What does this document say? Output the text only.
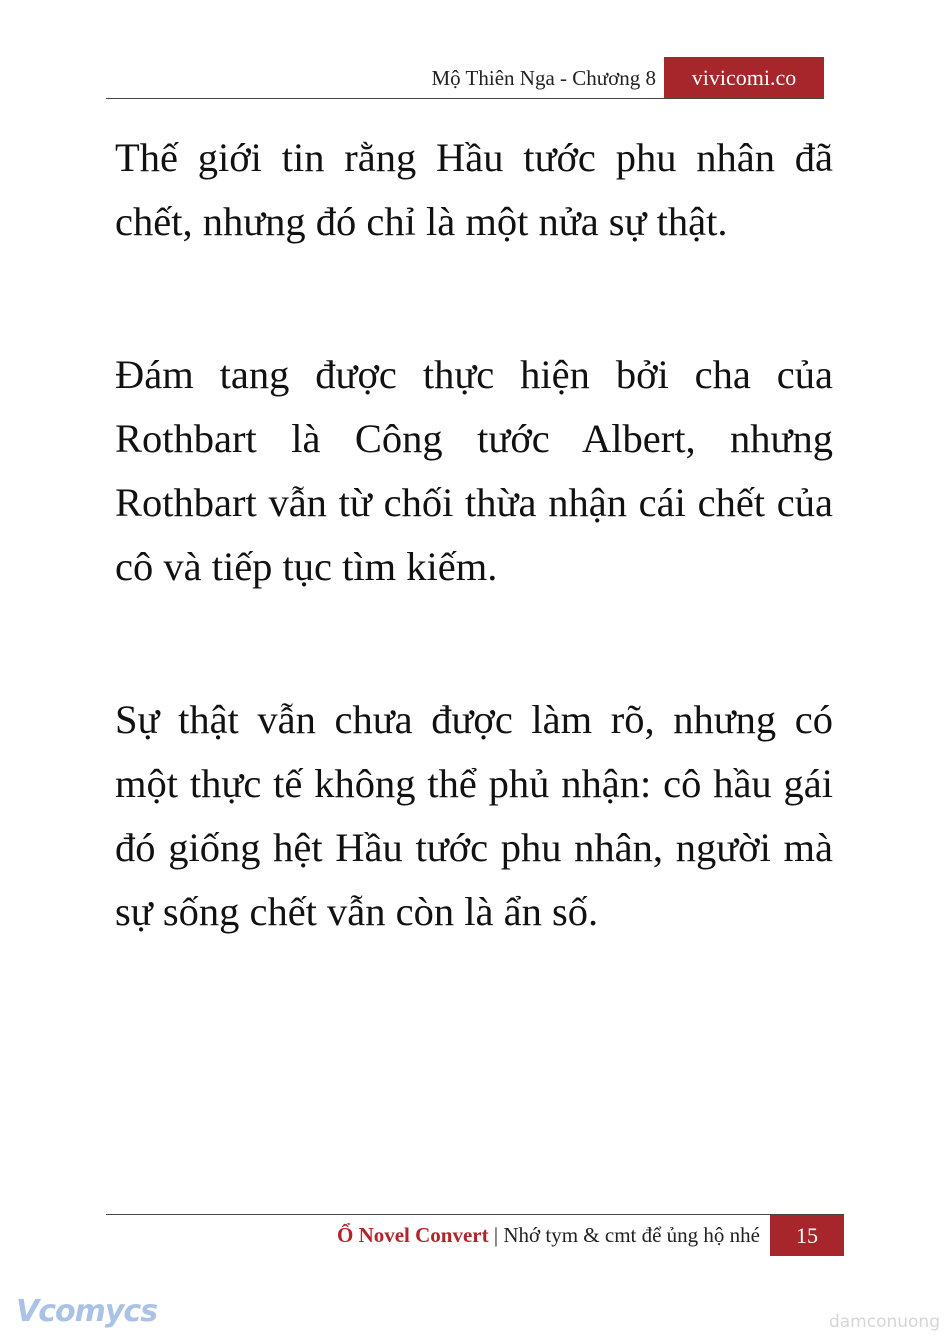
Mộ Thiên Nga - Chương 8	vivicomi.co

Thế giới tin rằng Hầu tước phu nhân đã chết, nhưng đó chỉ là một nửa sự thật.

Đám tang được thực hiện bởi cha của Rothbart là Công tước Albert, nhưng Rothbart vẫn từ chối thừa nhận cái chết của cô và tiếp tục tìm kiếm.

Sự thật vẫn chưa được làm rõ, nhưng có một thực tế không thể phủ nhận: cô hầu gái đó giống hệt Hầu tước phu nhân, người mà sự sống chết vẫn còn là ẩn số.

Ổ Novel Convert | Nhớ tym & cmt để ủng hộ nhé	15
Vcomycs	damconuong
